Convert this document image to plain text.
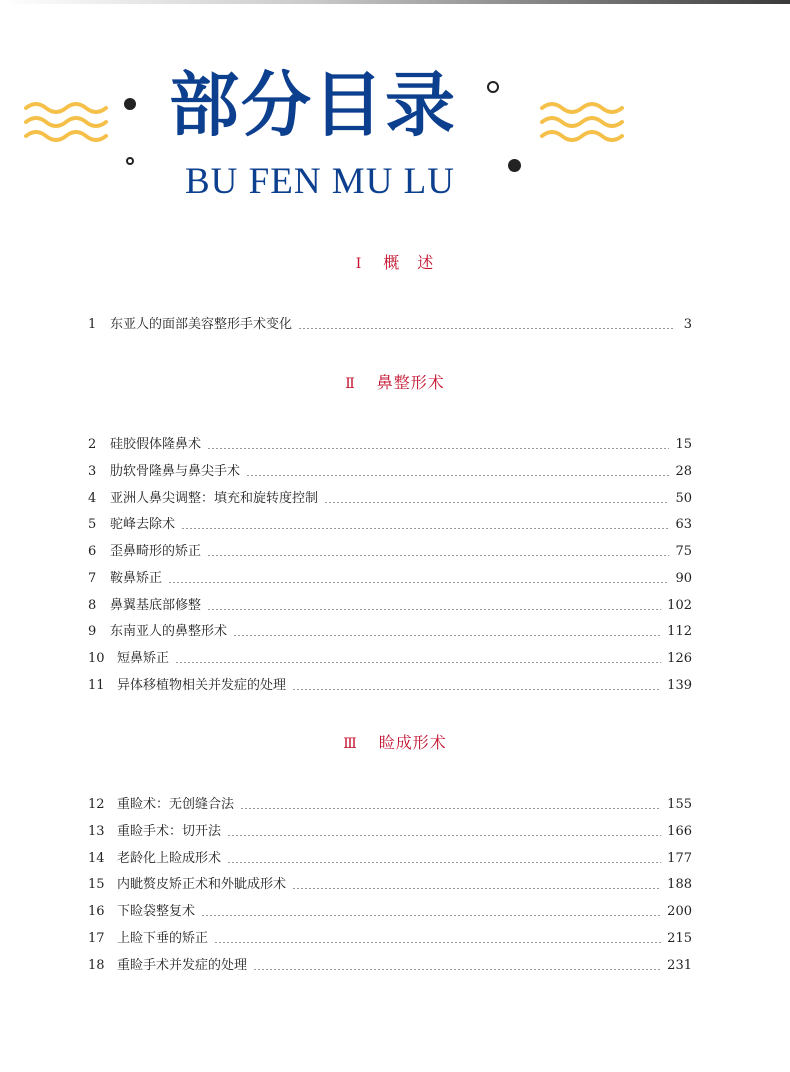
部分目录
BU FEN MU LU
Ⅰ 概　述
1	东亚人的面部美容整形手术变化	3
Ⅱ 鼻整形术
2	硅胶假体隆鼻术	15
3	肋软骨隆鼻与鼻尖手术	28
4	亚洲人鼻尖调整：填充和旋转度控制	50
5	驼峰去除术	63
6	歪鼻畸形的矫正	75
7	鞍鼻矫正	90
8	鼻翼基底部修整	102
9	东南亚人的鼻整形术	112
10 短鼻矫正	126
11 异体移植物相关并发症的处理	139
Ⅲ 睑成形术
12 重睑术：无创缝合法	155
13 重睑手术：切开法	166
14 老龄化上睑成形术	177
15 内眦赘皮矫正术和外眦成形术	188
16 下睑袋整复术	200
17 上睑下垂的矫正	215
18 重睑手术并发症的处理	231
